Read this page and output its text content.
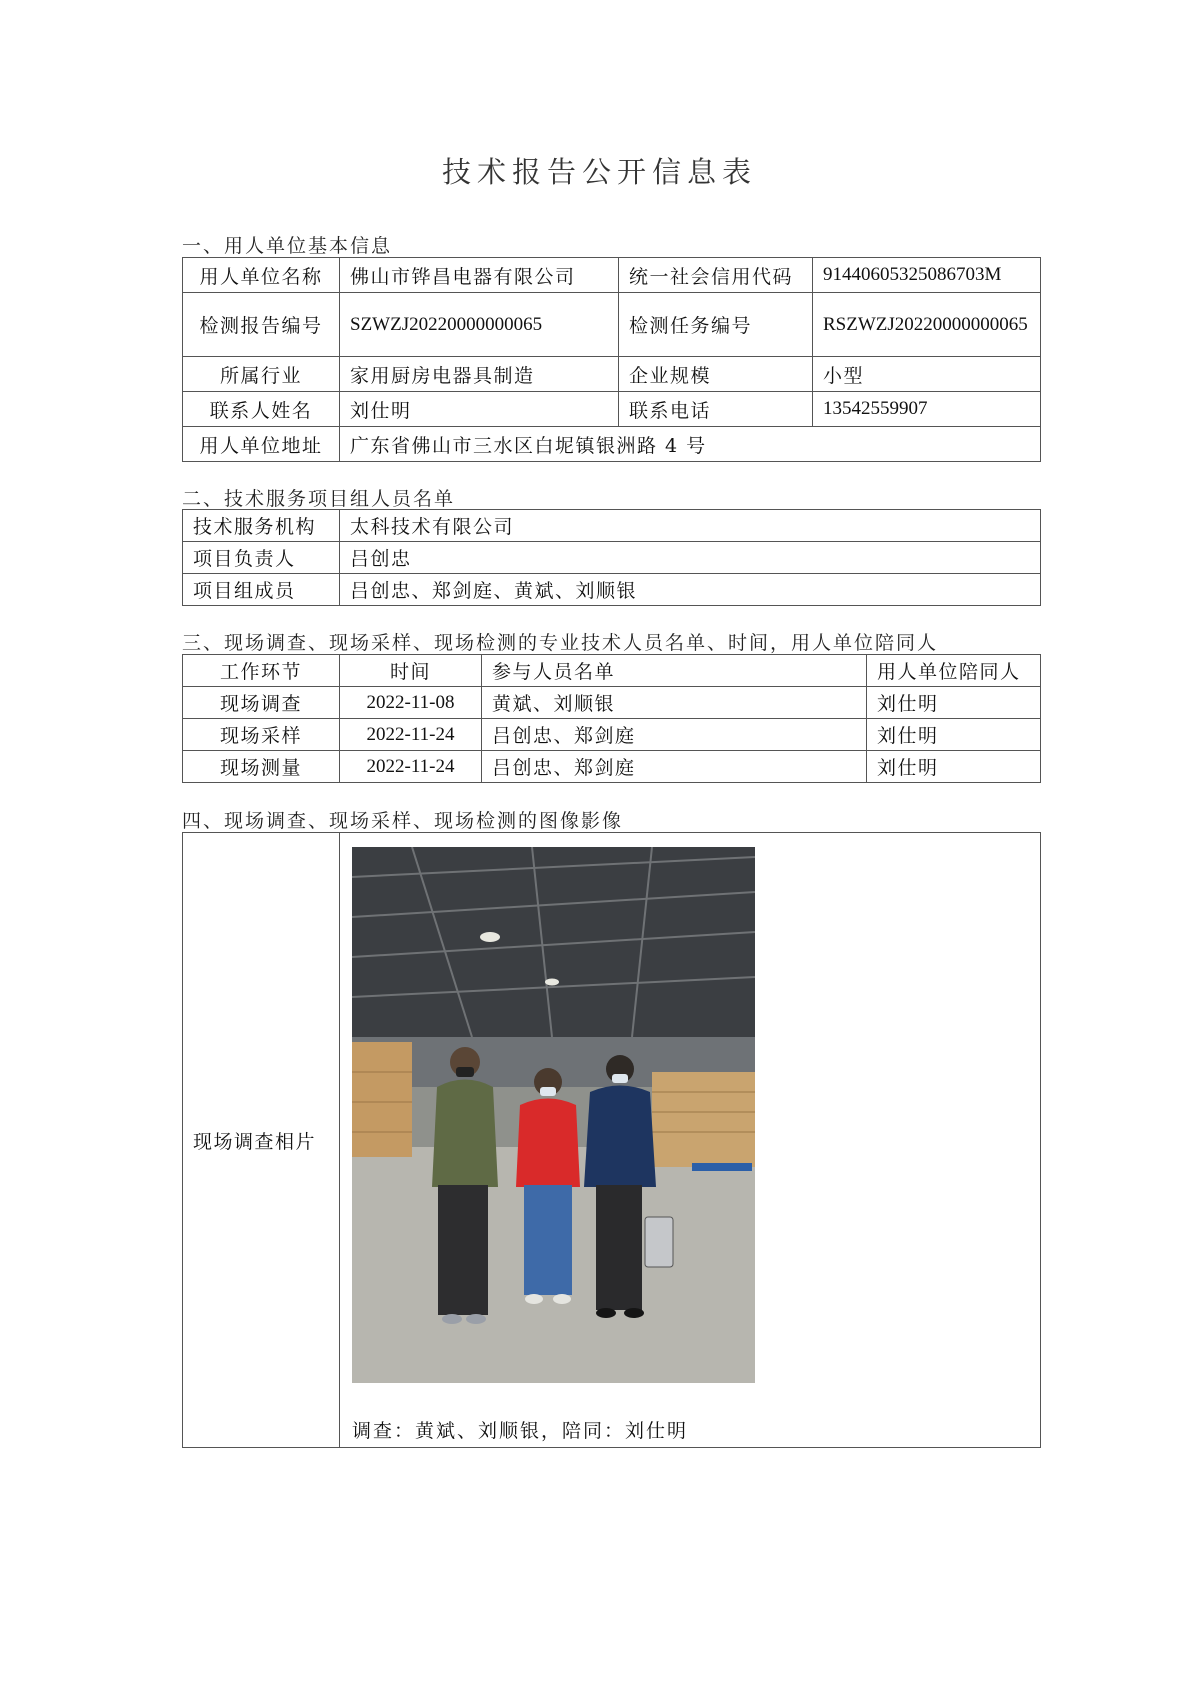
技术报告公开信息表
一、用人单位基本信息
用人单位名称	佛山市铧昌电器有限公司	统一社会信用代码	91440605325086703M
检测报告编号	SZWZJ20220000000065	检测任务编号	RSZWZJ20220000000065
所属行业	家用厨房电器具制造	企业规模	小型
联系人姓名	刘仕明	联系电话	13542559907
用人单位地址	广东省佛山市三水区白坭镇银洲路 4 号		
二、技术服务项目组人员名单
技术服务机构	太科技术有限公司
项目负责人	吕创忠
项目组成员	吕创忠、郑剑庭、黄斌、刘顺银
三、现场调查、现场采样、现场检测的专业技术人员名单、时间，用人单位陪同人
工作环节	时间	参与人员名单	用人单位陪同人
现场调查	2022-11-08	黄斌、刘顺银	刘仕明
现场采样	2022-11-24	吕创忠、郑剑庭	刘仕明
现场测量	2022-11-24	吕创忠、郑剑庭	刘仕明
四、现场调查、现场采样、现场检测的图像影像
现场调查相片	
调查：黄斌、刘顺银，陪同：刘仕明
